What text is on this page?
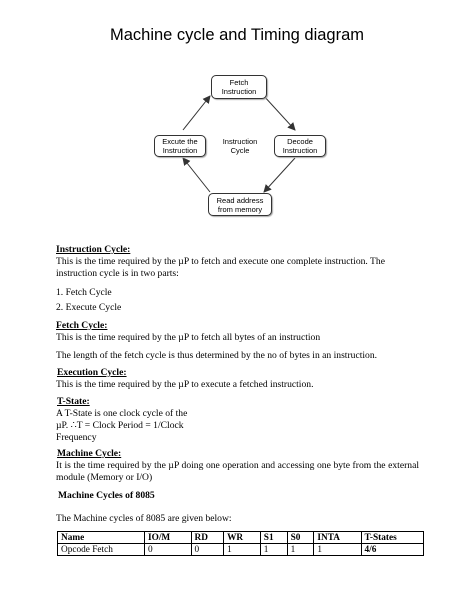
Machine cycle and Timing diagram
Fetch
Instruction
Decode
Instruction
Read address
from memory
Excute the
Instruction
Instruction
Cycle
Instruction Cycle:
This is the time required by the µP to fetch and execute one complete instruction. The instruction cycle is in two parts:
1. Fetch Cycle
2. Execute Cycle
Fetch Cycle:
This is the time required by the µP to fetch all bytes of an instruction
The length of the fetch cycle is thus determined by the no of bytes in an instruction.
Execution Cycle:
This is the time required by the µP to execute a fetched instruction.
T-State:
A T-State is one clock cycle of the
µP. ∴T = Clock Period = 1/Clock
Frequency
Machine Cycle:
It is the time required by the µP doing one operation and accessing one byte from the external module (Memory or I/O)
Machine Cycles of 8085
The Machine cycles of 8085 are given below:
Name	IO/M	RD	WR	S1	S0	INTA	T-States
Opcode Fetch	0	0	1	1	1	1	4/6
